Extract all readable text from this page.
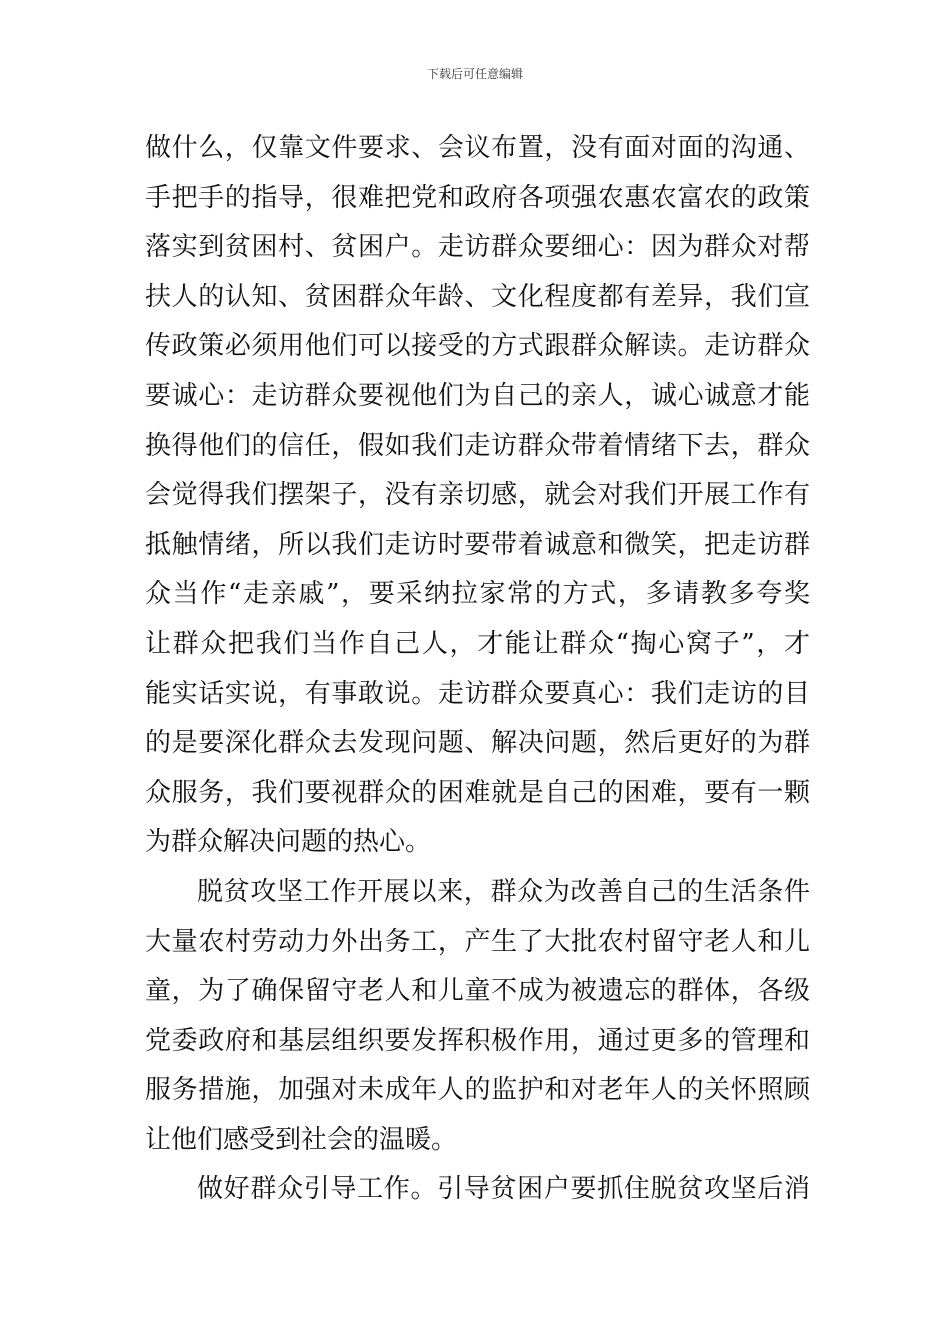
下载后可任意编辑
做什么，仅靠文件要求、会议布置，没有面对面的沟通、
手把手的指导，很难把党和政府各项强农惠农富农的政策
落实到贫困村、贫困户。走访群众要细心：因为群众对帮
扶人的认知、贫困群众年龄、文化程度都有差异，我们宣
传政策必须用他们可以接受的方式跟群众解读。走访群众
要诚心：走访群众要视他们为自己的亲人，诚心诚意才能
换得他们的信任，假如我们走访群众带着情绪下去，群众
会觉得我们摆架子，没有亲切感，就会对我们开展工作有
抵触情绪，所以我们走访时要带着诚意和微笑，把走访群
众当作“走亲戚”，要采纳拉家常的方式，多请教多夸奖
让群众把我们当作自己人，才能让群众“掏心窝子”，才
能实话实说，有事敢说。走访群众要真心：我们走访的目
的是要深化群众去发现问题、解决问题，然后更好的为群
众服务，我们要视群众的困难就是自己的困难，要有一颗
为群众解决问题的热心。
脱贫攻坚工作开展以来，群众为改善自己的生活条件
大量农村劳动力外出务工，产生了大批农村留守老人和儿
童，为了确保留守老人和儿童不成为被遗忘的群体，各级
党委政府和基层组织要发挥积极作用，通过更多的管理和
服务措施，加强对未成年人的监护和对老年人的关怀照顾
让他们感受到社会的温暖。
做好群众引导工作。引导贫困户要抓住脱贫攻坚后消
